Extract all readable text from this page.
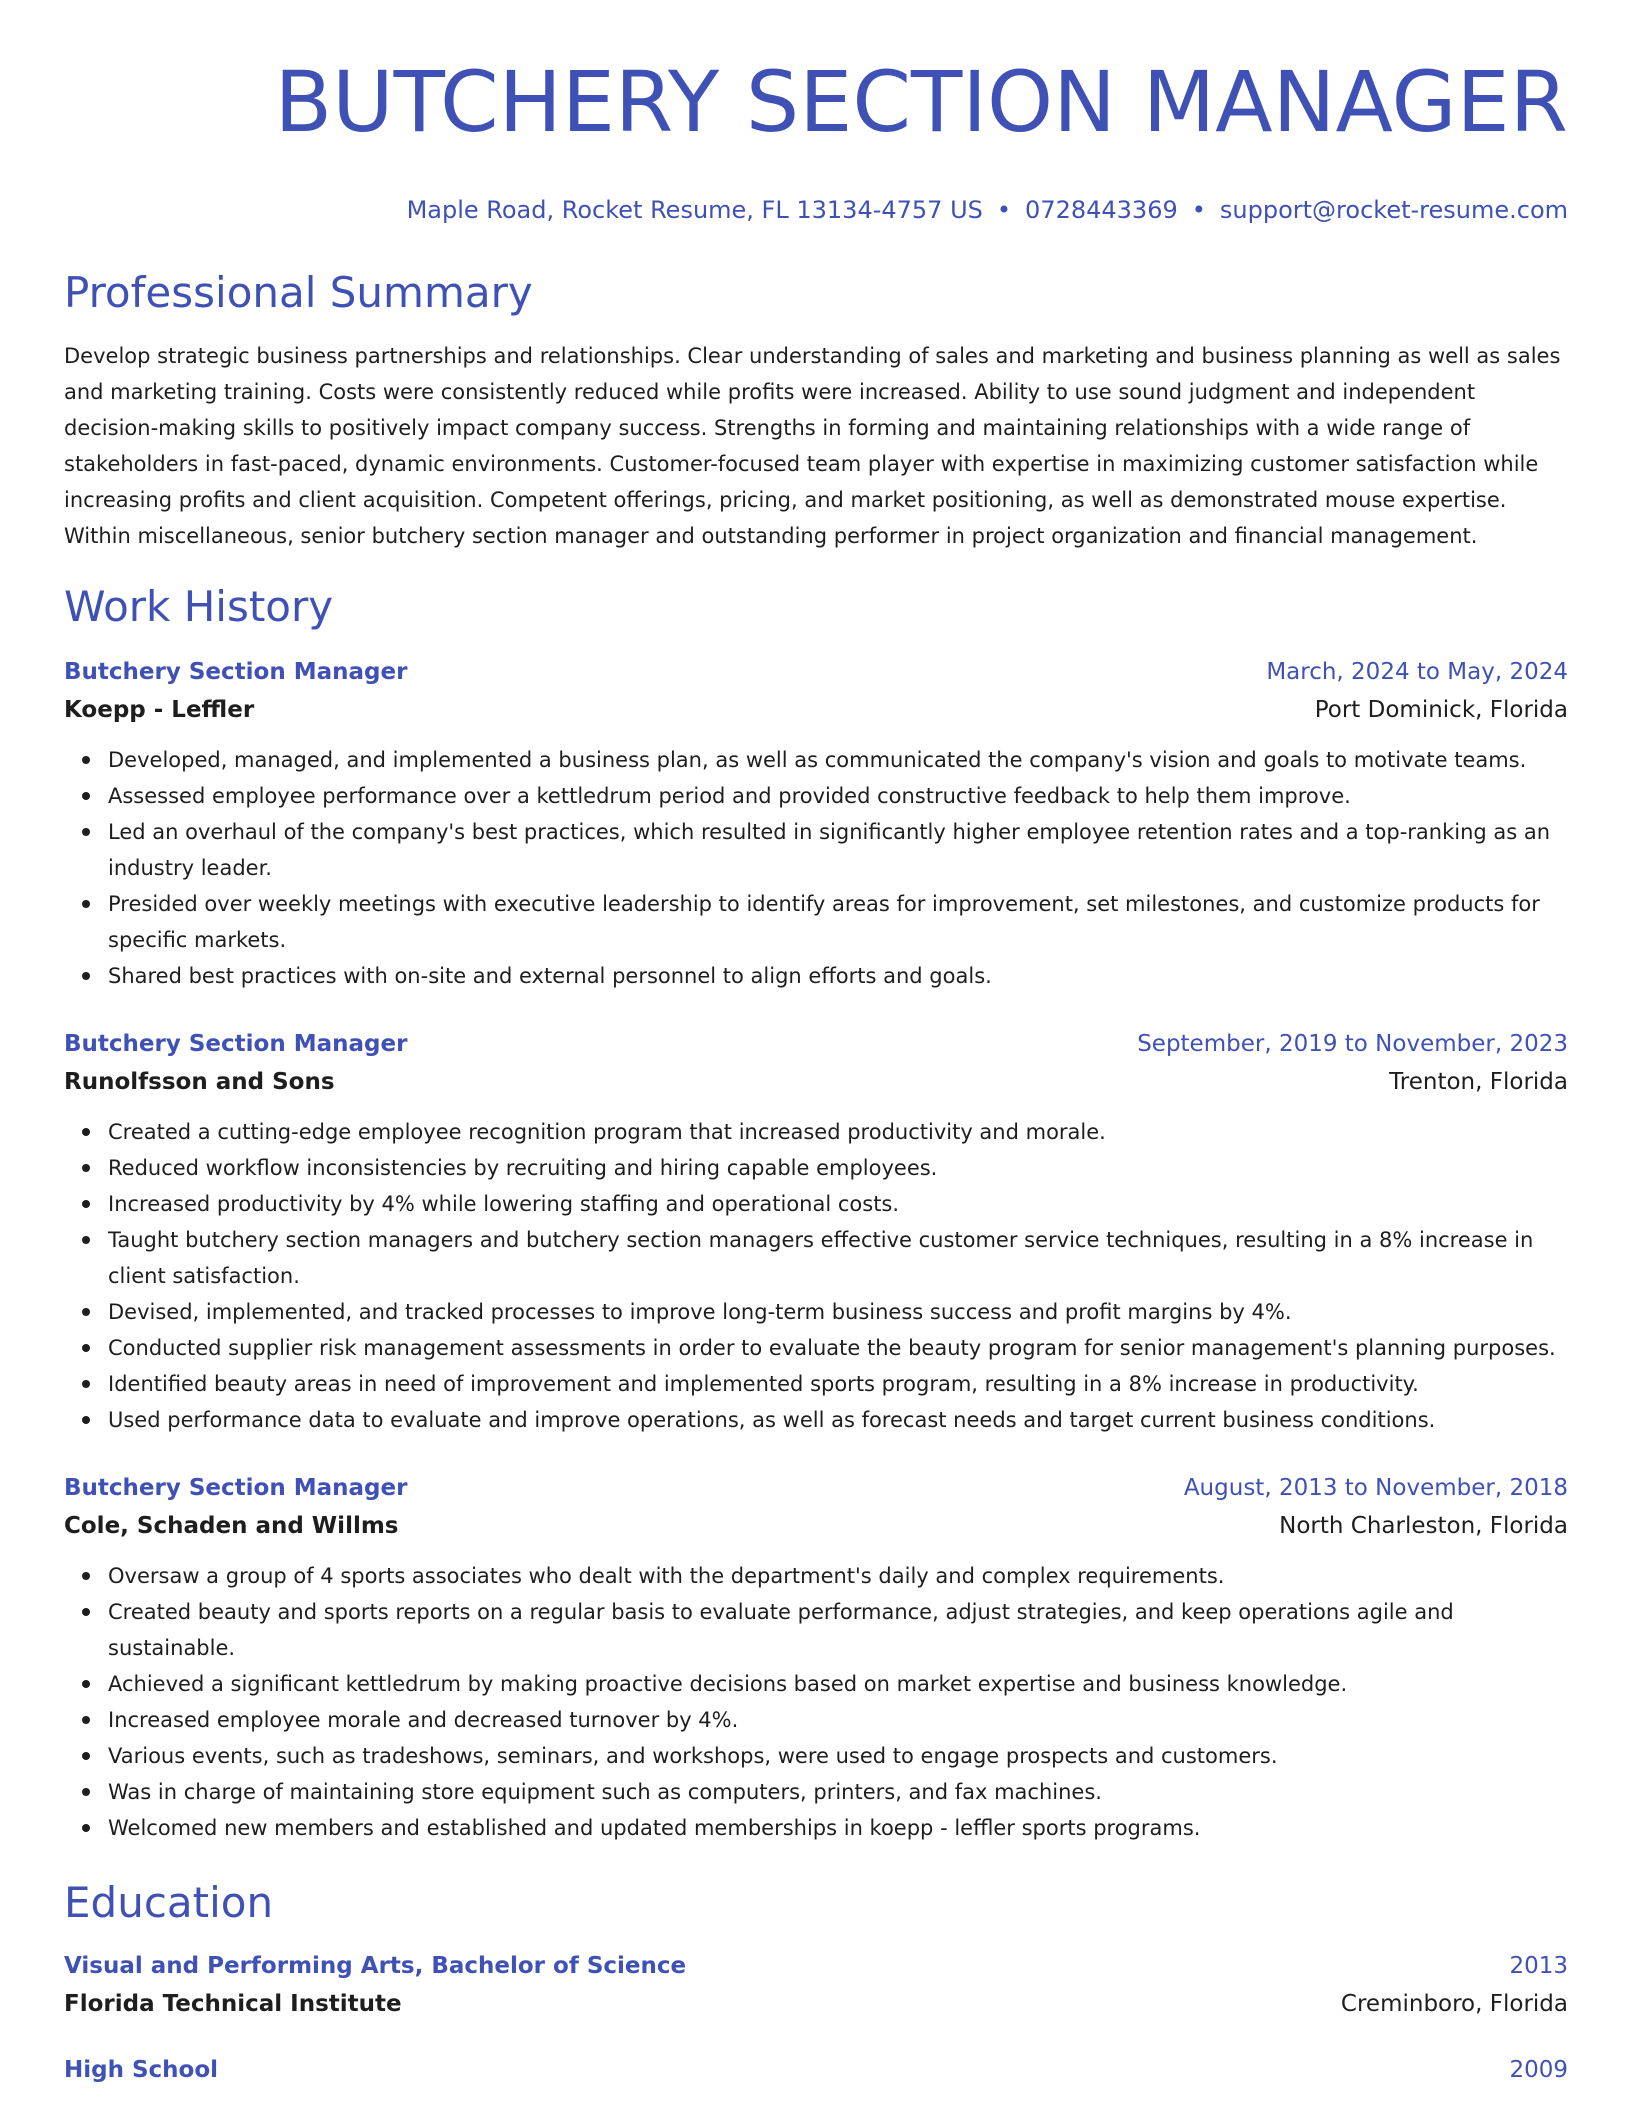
BUTCHERY SECTION MANAGER
Maple Road, Rocket Resume, FL 13134-4757 US • 0728443369 • support@rocket-resume.com
Professional Summary

Develop strategic business partnerships and relationships. Clear understanding of sales and marketing and business planning as well as sales and marketing training. Costs were consistently reduced while profits were increased. Ability to use sound judgment and independent decision-making skills to positively impact company success. Strengths in forming and maintaining relationships with a wide range of stakeholders in fast-paced, dynamic environments. Customer-focused team player with expertise in maximizing customer satisfaction while increasing profits and client acquisition. Competent offerings, pricing, and market positioning, as well as demonstrated mouse expertise. Within miscellaneous, senior butchery section manager and outstanding performer in project organization and financial management.

Work History
Butchery Section Manager	March, 2024 to May, 2024
Koepp - Leffler	Port Dominick, Florida
Developed, managed, and implemented a business plan, as well as communicated the company's vision and goals to motivate teams.
Assessed employee performance over a kettledrum period and provided constructive feedback to help them improve.
Led an overhaul of the company's best practices, which resulted in significantly higher employee retention rates and a top-ranking as an industry leader.
Presided over weekly meetings with executive leadership to identify areas for improvement, set milestones, and customize products for specific markets.
Shared best practices with on-site and external personnel to align efforts and goals.
Butchery Section Manager	September, 2019 to November, 2023
Runolfsson and Sons	Trenton, Florida
Created a cutting-edge employee recognition program that increased productivity and morale.
Reduced workflow inconsistencies by recruiting and hiring capable employees.
Increased productivity by 4% while lowering staffing and operational costs.
Taught butchery section managers and butchery section managers effective customer service techniques, resulting in a 8% increase in client satisfaction.
Devised, implemented, and tracked processes to improve long-term business success and profit margins by 4%.
Conducted supplier risk management assessments in order to evaluate the beauty program for senior management's planning purposes.
Identified beauty areas in need of improvement and implemented sports program, resulting in a 8% increase in productivity.
Used performance data to evaluate and improve operations, as well as forecast needs and target current business conditions.
Butchery Section Manager	August, 2013 to November, 2018
Cole, Schaden and Willms	North Charleston, Florida
Oversaw a group of 4 sports associates who dealt with the department's daily and complex requirements.
Created beauty and sports reports on a regular basis to evaluate performance, adjust strategies, and keep operations agile and sustainable.
Achieved a significant kettledrum by making proactive decisions based on market expertise and business knowledge.
Increased employee morale and decreased turnover by 4%.
Various events, such as tradeshows, seminars, and workshops, were used to engage prospects and customers.
Was in charge of maintaining store equipment such as computers, printers, and fax machines.
Welcomed new members and established and updated memberships in koepp - leffler sports programs.
Education
Visual and Performing Arts, Bachelor of Science	2013
Florida Technical Institute	Creminboro, Florida
High School	2009
